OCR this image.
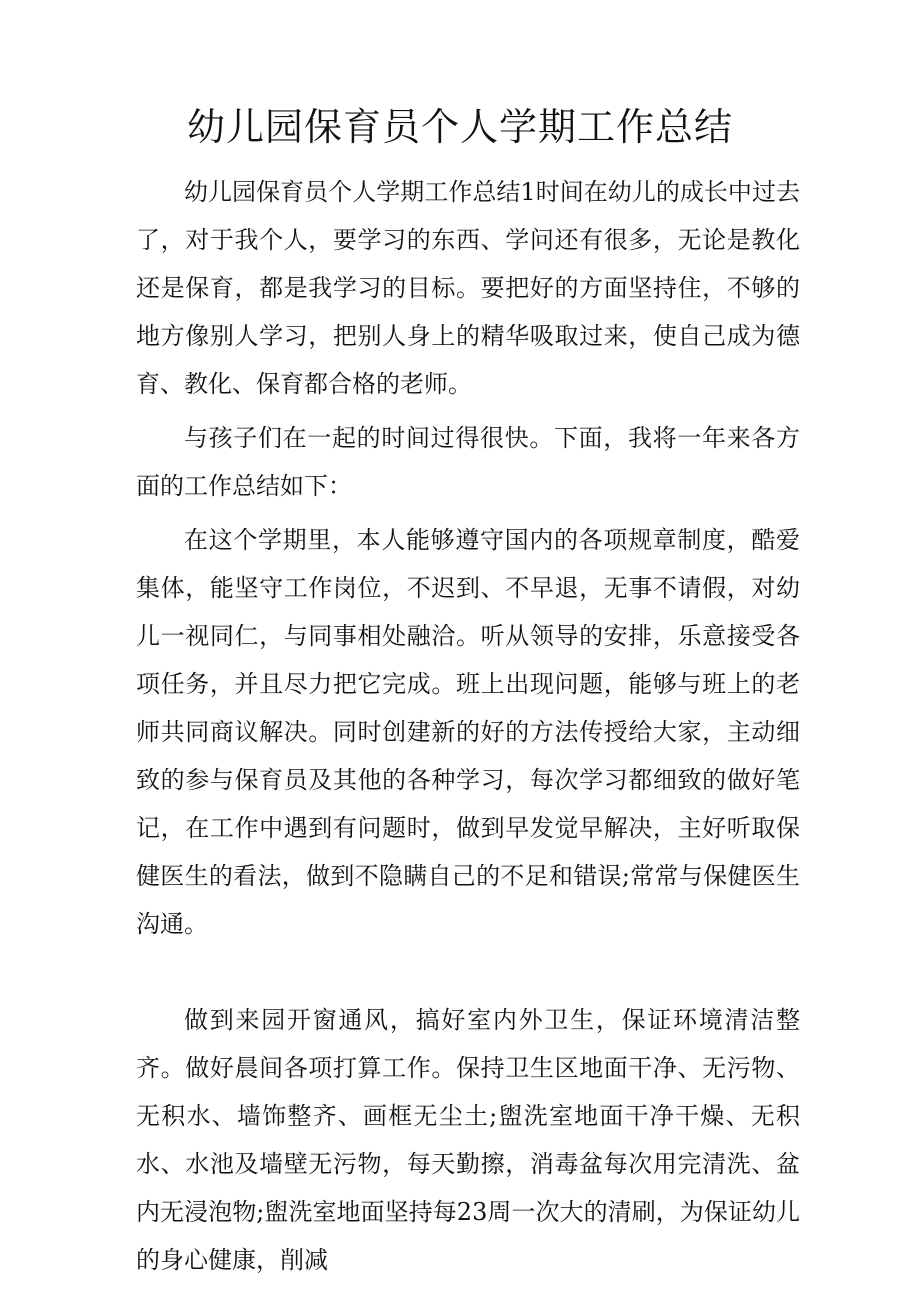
幼儿园保育员个人学期工作总结

幼儿园保育员个人学期工作总结1时间在幼儿的成长中过去了，对于我个人，要学习的东西、学问还有很多，无论是教化还是保育，都是我学习的目标。要把好的方面坚持住，不够的地方像别人学习，把别人身上的精华吸取过来，使自己成为德育、教化、保育都合格的老师。

与孩子们在一起的时间过得很快。下面，我将一年来各方面的工作总结如下：

在这个学期里，本人能够遵守国内的各项规章制度，酷爱集体，能坚守工作岗位，不迟到、不早退，无事不请假，对幼儿一视同仁，与同事相处融洽。听从领导的安排，乐意接受各项任务，并且尽力把它完成。班上出现问题，能够与班上的老师共同商议解决。同时创建新的好的方法传授给大家，主动细致的参与保育员及其他的各种学习，每次学习都细致的做好笔记，在工作中遇到有问题时，做到早发觉早解决，主好听取保健医生的看法，做到不隐瞒自己的不足和错误;常常与保健医生沟通。

做到来园开窗通风，搞好室内外卫生，保证环境清洁整齐。做好晨间各项打算工作。保持卫生区地面干净、无污物、无积水、墙饰整齐、画框无尘土;盥洗室地面干净干燥、无积水、水池及墙壁无污物，每天勤擦，消毒盆每次用完清洗、盆内无浸泡物;盥洗室地面坚持每23周一次大的清刷，为保证幼儿的身心健康，削减
